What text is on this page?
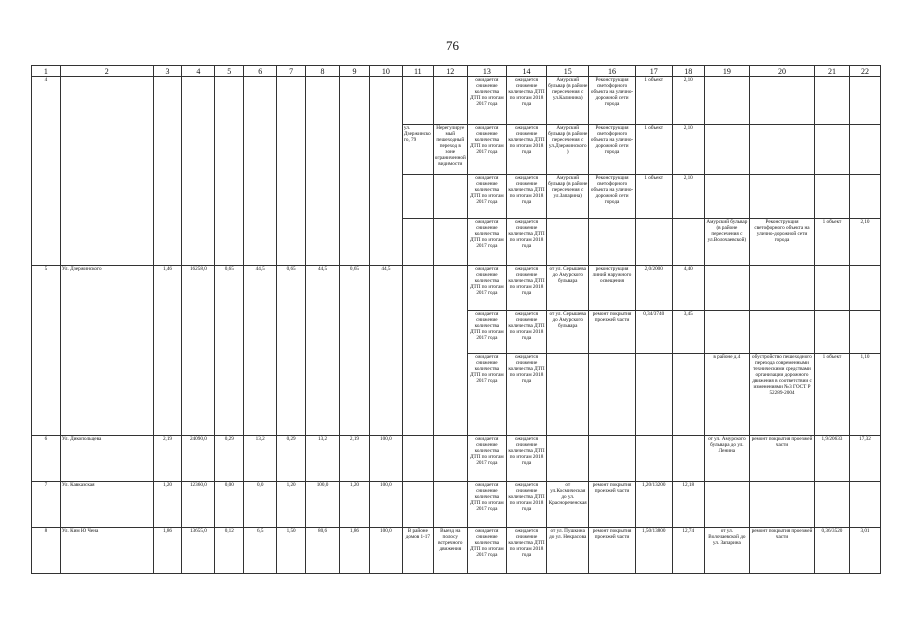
76
1	2	3	4	5	6	7	8	9	10	11	12	13	14	15	16	17	18	19	20	21	22
4												ожидается снижение количества ДТП по итогам 2017 года	ожидается снижение количества ДТП по итогам 2018 года	Амурский бульвар (в районе пересечения с ул.Калинина)	Реконструкция светофорного объекта на улично-дорожной сети города	1 объект	2,10				
										ул. Дзержинского, 79	Нерегулируемый пешеходный переход в зоне ограниченной видимости	ожидается снижение количества ДТП по итогам 2017 года	ожидается снижение количества ДТП по итогам 2018 года	Амурский бульвар (в районе пересечения с ул.Дзержинского)	Реконструкция светофорного объекта на улично-дорожной сети города	1 объект	2,10				
												ожидается снижение количества ДТП по итогам 2017 года	ожидается снижение количества ДТП по итогам 2018 года	Амурский бульвар (в районе пересечения с ул.Запарина)	Реконструкция светофорного объекта на улично-дорожной сети города	1 объект	2,10				
												ожидается снижение количества ДТП по итогам 2017 года	ожидается снижение количества ДТП по итогам 2018 года					Амурский бульвар (в районе пересечения с ул.Волочаевской)	Реконструкция светофорного объекта на улично-дорожной сети города	1 объект	2,10
5	Ул. Дзержинского	1,46	16258,0	0,65	44,5	0,65	44,5	0,65	44,5			ожидается снижение количества ДТП по итогам 2017 года	ожидается снижение количества ДТП по итогам 2018 года	от ул. Серышева до Амурского бульвара	реконструкция линий наружного освещения	2,0/2000	4,40				
												ожидается снижение количества ДТП по итогам 2017 года	ожидается снижение количества ДТП по итогам 2018 года	от ул. Серышева до Амурского бульвара	ремонт покрытия проезжей части	0,34/3740	3,45				
												ожидается снижение количества ДТП по итогам 2017 года	ожидается снижение количества ДТП по итогам 2018 года					в районе д.4	обустройство пешеходного перехода современными техническими средствами организации дорожного движения в соответствии с изменениями №3 ГОСТ Р 52289-2004	1 объект	1,10
6	Ул. Дикопольцева	2,19	24090,0	0,29	13,2	0,29	13,2	2,19	100,0			ожидается снижение количества ДТП по итогам 2017 года	ожидается снижение количества ДТП по итогам 2018 года					от ул. Амурского бульвара до ул. Ленина	ремонт покрытия проезжей части	1,9/20633	17,32
7	Ул. Кавказская	1,20	12360,0	0,00	0,0	1,20	100,0	1,20	100,0			ожидается снижение количества ДТП по итогам 2017 года	ожидается снижение количества ДТП по итогам 2018 года	от ул.Космическая до ул. Краснореченская	ремонт покрытия проезжей части	1,20/13200	12,18				
8	Ул. Ким Ю Чена	1,86	13655,0	0,12	6,5	1,50	80,6	1,86	100,0	В районе домов 1-17	Выезд на полосу встречного движения	ожидается снижение количества ДТП по итогам 2017 года	ожидается снижение количества ДТП по итогам 2018 года	от ул. Пушкина до ул. Некрасова	ремонт покрытия проезжей части	1,50/13800	12,74	от ул. Волочаевской до ул. Запарина	ремонт покрытия проезжей части	0,36/3520	3,01
